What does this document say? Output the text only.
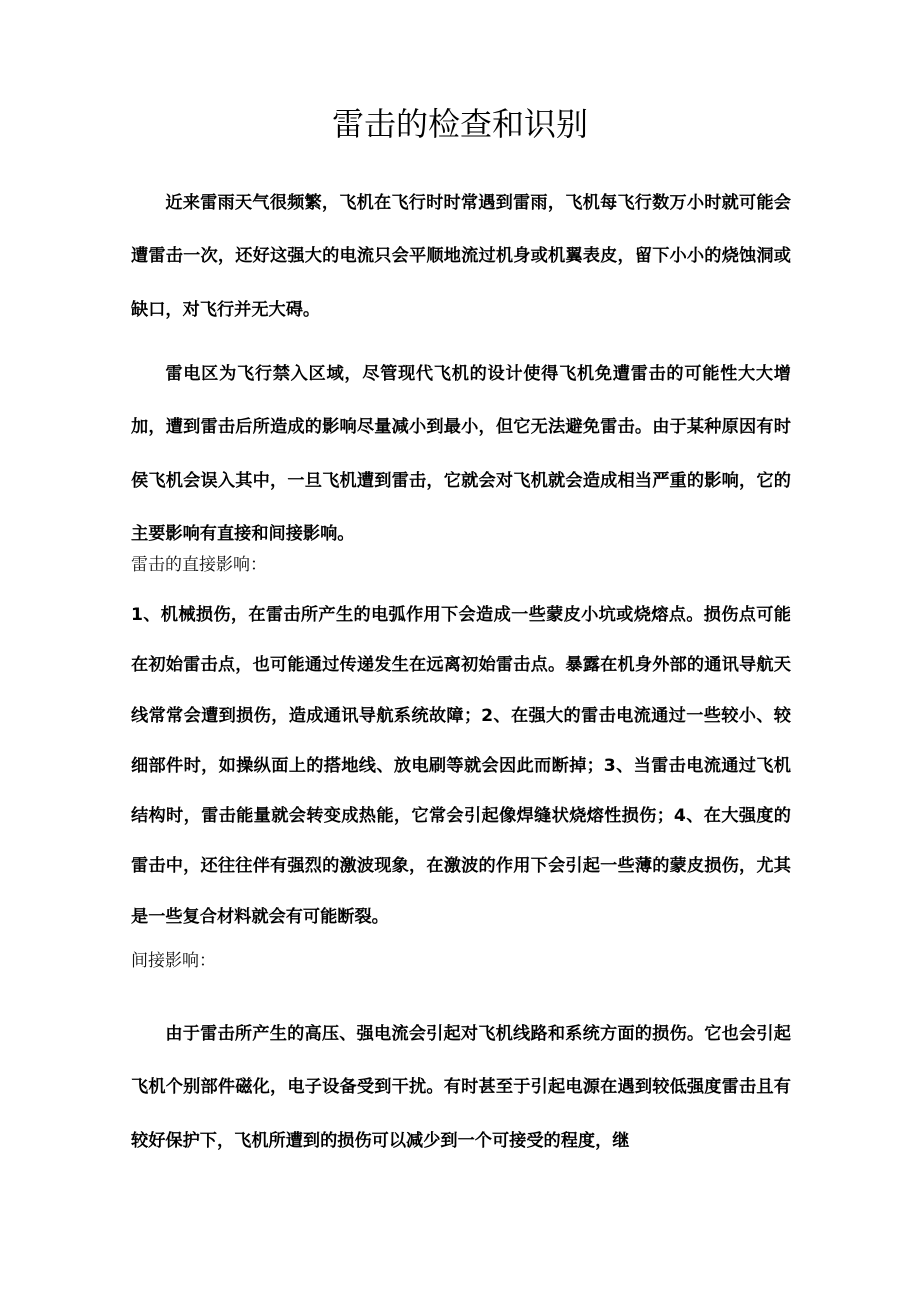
雷击的检查和识别

近来雷雨天气很频繁，飞机在飞行时时常遇到雷雨，飞机每飞行数万小时就可能会遭雷击一次，还好这强大的电流只会平顺地流过机身或机翼表皮，留下小小的烧蚀洞或缺口，对飞行并无大碍。

雷电区为飞行禁入区域，尽管现代飞机的设计使得飞机免遭雷击的可能性大大增加，遭到雷击后所造成的影响尽量减小到最小，但它无法避免雷击。由于某种原因有时侯飞机会误入其中，一旦飞机遭到雷击，它就会对飞机就会造成相当严重的影响，它的主要影响有直接和间接影响。

雷击的直接影响：

1、机械损伤，在雷击所产生的电弧作用下会造成一些蒙皮小坑或烧熔点。损伤点可能在初始雷击点，也可能通过传递发生在远离初始雷击点。暴露在机身外部的通讯导航天线常常会遭到损伤，造成通讯导航系统故障；2、在强大的雷击电流通过一些较小、较细部件时，如操纵面上的搭地线、放电刷等就会因此而断掉；3、当雷击电流通过飞机结构时，雷击能量就会转变成热能，它常会引起像焊缝状烧熔性损伤；4、在大强度的雷击中，还往往伴有强烈的激波现象，在激波的作用下会引起一些薄的蒙皮损伤，尤其是一些复合材料就会有可能断裂。

间接影响：

由于雷击所产生的高压、强电流会引起对飞机线路和系统方面的损伤。它也会引起飞机个别部件磁化，电子设备受到干扰。有时甚至于引起电源在遇到较低强度雷击且有较好保护下，飞机所遭到的损伤可以减少到一个可接受的程度，继
